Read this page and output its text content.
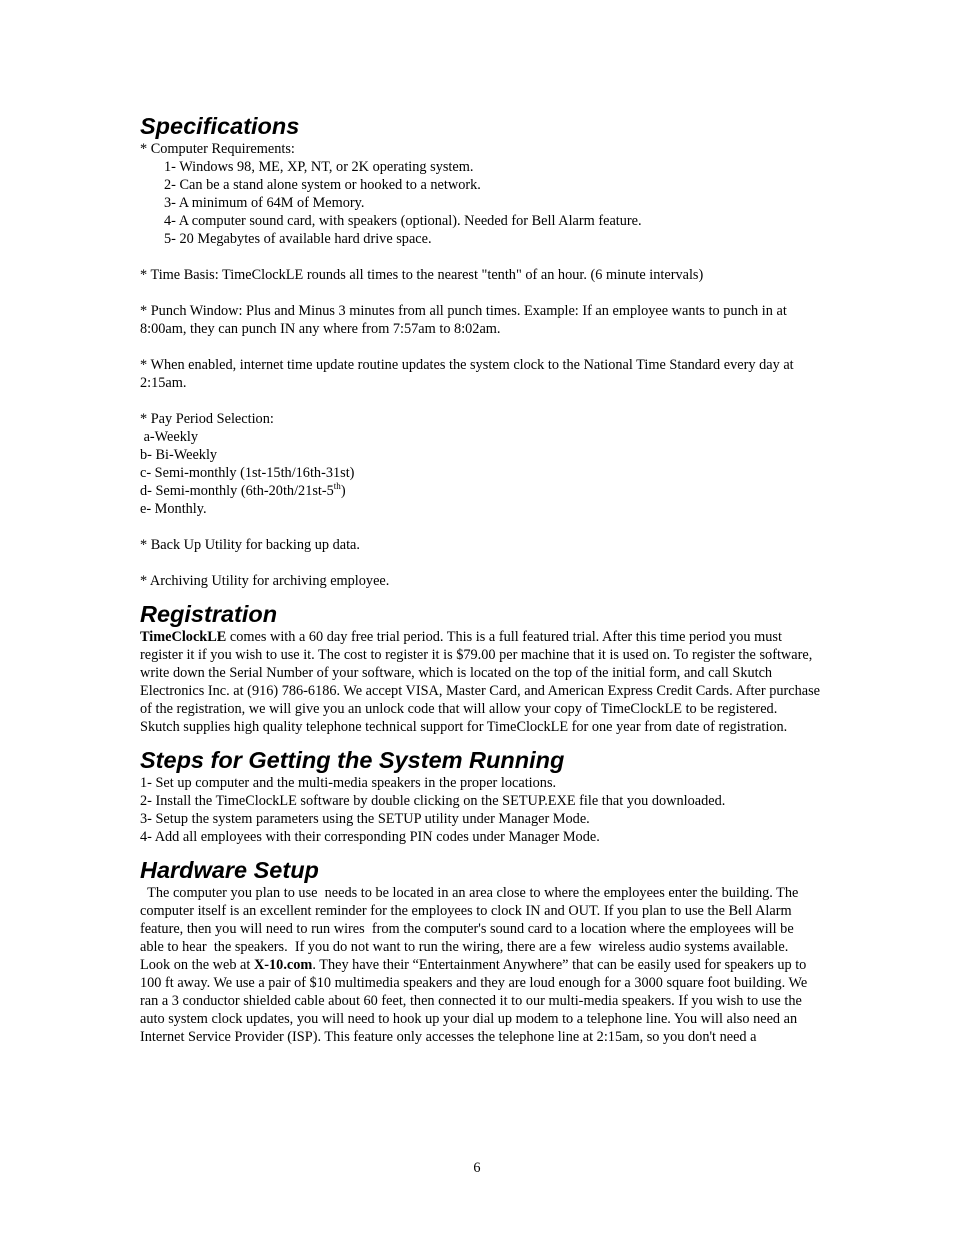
Specifications

* Computer Requirements:

1- Windows 98, ME, XP, NT, or 2K operating system.

2- Can be a stand alone system or hooked to a network.

3- A minimum of 64M of Memory.

4- A computer sound card, with speakers (optional). Needed for Bell Alarm feature.

5- 20 Megabytes of available hard drive space.

* Time Basis: TimeClockLE rounds all times to the nearest "tenth" of an hour. (6 minute intervals)

* Punch Window: Plus and Minus 3 minutes from all punch times. Example: If an employee wants to punch in at 8:00am, they can punch IN any where from 7:57am to 8:02am.

* When enabled, internet time update routine updates the system clock to the National Time Standard every day at 2:15am.

* Pay Period Selection:

a-Weekly

b- Bi-Weekly

c- Semi-monthly (1st-15th/16th-31st)

d- Semi-monthly (6th-20th/21st-5th)

e- Monthly.

* Back Up Utility for backing up data.

* Archiving Utility for archiving employee.

Registration

TimeClockLE comes with a 60 day free trial period. This is a full featured trial. After this time period you must register it if you wish to use it. The cost to register it is $79.00 per machine that it is used on. To register the software, write down the Serial Number of your software, which is located on the top of the initial form, and call Skutch Electronics Inc. at (916) 786-6186. We accept VISA, Master Card, and American Express Credit Cards. After purchase of the registration, we will give you an unlock code that will allow your copy of TimeClockLE to be registered. Skutch supplies high quality telephone technical support for TimeClockLE for one year from date of registration.

Steps for Getting the System Running

1- Set up computer and the multi-media speakers in the proper locations.

2- Install the TimeClockLE software by double clicking on the SETUP.EXE file that you downloaded.

3- Setup the system parameters using the SETUP utility under Manager Mode.

4- Add all employees with their corresponding PIN codes under Manager Mode.

Hardware Setup

The computer you plan to use  needs to be located in an area close to where the employees enter the building. The computer itself is an excellent reminder for the employees to clock IN and OUT. If you plan to use the Bell Alarm feature, then you will need to run wires  from the computer's sound card to a location where the employees will be able to hear  the speakers.  If you do not want to run the wiring, there are a few  wireless audio systems available. Look on the web at X-10.com. They have their “Entertainment Anywhere” that can be easily used for speakers up to 100 ft away. We use a pair of $10 multimedia speakers and they are loud enough for a 3000 square foot building. We ran a 3 conductor shielded cable about 60 feet, then connected it to our multi-media speakers. If you wish to use the auto system clock updates, you will need to hook up your dial up modem to a telephone line. You will also need an Internet Service Provider (ISP). This feature only accesses the telephone line at 2:15am, so you don't need a

6
